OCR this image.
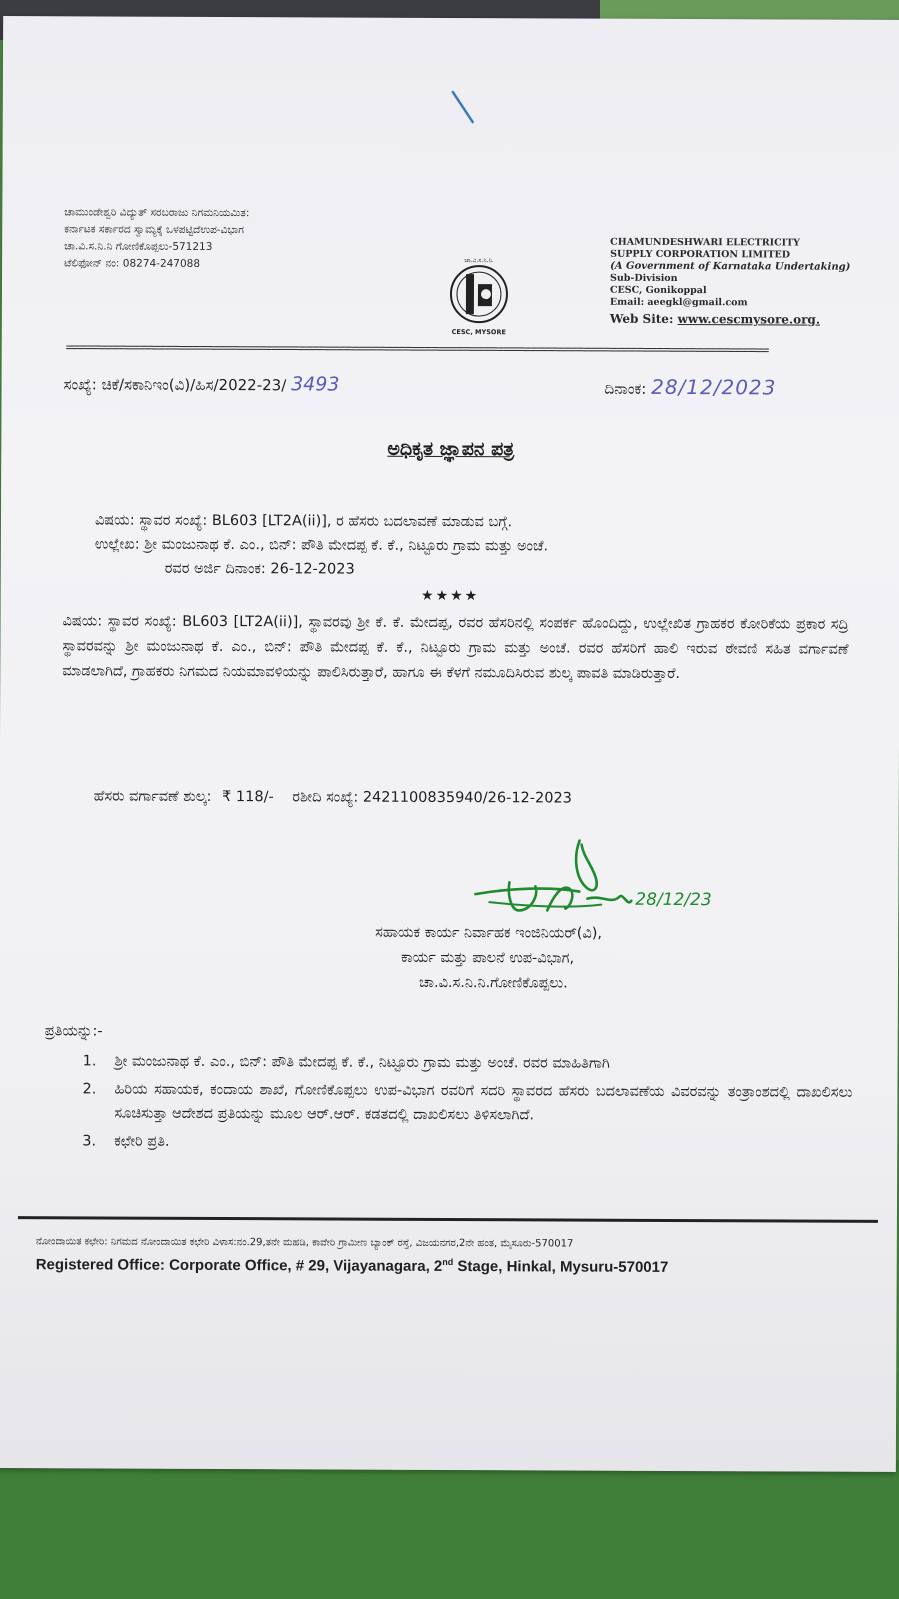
ಚಾಮುಂಡೇಶ್ವರಿ ವಿದ್ಯುತ್ ಸರಬರಾಜು ನಿಗಮನಿಯಮಿತ:
ಕರ್ನಾಟಕ ಸರ್ಕಾರದ ಸ್ವಾಮ್ಯಕ್ಕೆ ಒಳಪಟ್ಟಿದೆಉಪ-ವಿಭಾಗ
ಚಾ.ವಿ.ಸ.ನಿ.ನಿ ಗೋಣಿಕೊಪ್ಪಲು-571213
ಟೆಲಿಫೋನ್ ನಂ: 08274-247088	ಚಾ.ವಿ.ಸ.ನಿ.ನಿ.
CESC, MYSORE
CHAMUNDESHWARI ELECTRICITY
SUPPLY CORPORATION LIMITED
(A Government of Karnataka Undertaking)
Sub-Division
CESC, Gonikoppal
Email: aeegkl@gmail.com
Web Site: www.cescmysore.org.
==========================================================================================================
ಸಂಖ್ಯೆ: ಚಿಕೆ/ಸಕಾನಿಇಂ(ವಿ)/ಹಿಸ/2022-23/ 3493	ದಿನಾಂಕ: 28/12/2023
ಅಧಿಕೃತ ಜ್ಞಾಪನ ಪತ್ರ
ವಿಷಯ: ಸ್ಥಾವರ ಸಂಖ್ಯೆ: BL603 [LT2A(ii)], ರ ಹೆಸರು ಬದಲಾವಣೆ ಮಾಡುವ ಬಗ್ಗೆ.
ಉಲ್ಲೇಖ: ಶ್ರೀ ಮಂಜುನಾಥ ಕೆ. ಎಂ., ಬಿನ್: ಪೌತಿ ಮೇದಪ್ಪ ಕೆ. ಕೆ., ನಿಟ್ಟೂರು ಗ್ರಾಮ ಮತ್ತು ಅಂಚೆ.
ರವರ ಅರ್ಜಿ ದಿನಾಂಕ: 26-12-2023
★★★★
ವಿಷಯ: ಸ್ಥಾವರ ಸಂಖ್ಯೆ: BL603 [LT2A(ii)], ಸ್ಥಾವರವು ಶ್ರೀ ಕೆ. ಕೆ. ಮೇದಪ್ಪ, ರವರ ಹೆಸರಿನಲ್ಲಿ ಸಂಪರ್ಕ ಹೊಂದಿದ್ದು, ಉಲ್ಲೇಖಿತ ಗ್ರಾಹಕರ ಕೋರಿಕೆಯ ಪ್ರಕಾರ ಸದ್ರಿ ಸ್ಥಾವರವನ್ನು ಶ್ರೀ ಮಂಜುನಾಥ ಕೆ. ಎಂ., ಬಿನ್: ಪೌತಿ ಮೇದಪ್ಪ ಕೆ. ಕೆ., ನಿಟ್ಟೂರು ಗ್ರಾಮ ಮತ್ತು ಅಂಚೆ. ರವರ ಹೆಸರಿಗೆ ಹಾಲಿ ಇರುವ ಠೇವಣಿ ಸಹಿತ ವರ್ಗಾವಣೆ ಮಾಡಲಾಗಿದೆ, ಗ್ರಾಹಕರು ನಿಗಮದ ನಿಯಮಾವಳಿಯನ್ನು ಪಾಲಿಸಿರುತ್ತಾರೆ, ಹಾಗೂ ಈ ಕೆಳಗೆ ನಮೂದಿಸಿರುವ ಶುಲ್ಕ ಪಾವತಿ ಮಾಡಿರುತ್ತಾರೆ.
ಹೆಸರು ವರ್ಗಾವಣೆ ಶುಲ್ಕ: ₹ 118/- ರಶೀದಿ ಸಂಖ್ಯೆ: 2421100835940/26-12-2023
28/12/23
ಸಹಾಯಕ ಕಾರ್ಯ ನಿರ್ವಾಹಕ ಇಂಜಿನಿಯರ್(ವಿ),
ಕಾರ್ಯ ಮತ್ತು ಪಾಲನೆ ಉಪ-ವಿಭಾಗ,
ಚಾ.ವಿ.ಸ.ನಿ.ನಿ.ಗೋಣಿಕೊಪ್ಪಲು.
ಪ್ರತಿಯನ್ನು:-
1.	ಶ್ರೀ ಮಂಜುನಾಥ ಕೆ. ಎಂ., ಬಿನ್: ಪೌತಿ ಮೇದಪ್ಪ ಕೆ. ಕೆ., ನಿಟ್ಟೂರು ಗ್ರಾಮ ಮತ್ತು ಅಂಚೆ. ರವರ ಮಾಹಿತಿಗಾಗಿ
2.	ಹಿರಿಯ ಸಹಾಯಕ, ಕಂದಾಯ ಶಾಖೆ, ಗೋಣಿಕೊಪ್ಪಲು ಉಪ-ವಿಭಾಗ ರವರಿಗೆ ಸದರಿ ಸ್ಥಾವರದ ಹೆಸರು ಬದಲಾವಣೆಯ ವಿವರವನ್ನು ತಂತ್ರಾಂಶದಲ್ಲಿ ದಾಖಲಿಸಲು ಸೂಚಿಸುತ್ತಾ ಆದೇಶದ ಪ್ರತಿಯನ್ನು ಮೂಲ ಆರ್.ಆರ್. ಕಡತದಲ್ಲಿ ದಾಖಲಿಸಲು ತಿಳಿಸಲಾಗಿದೆ.
3.	ಕಛೇರಿ ಪ್ರತಿ.
ನೋಂದಾಯಿತ ಕಛೇರಿ: ನಿಗಮದ ನೋಂದಾಯಿತ ಕಛೇರಿ ವಿಳಾಸ:ನಂ.29,ತನೇ ಮಹಡಿ, ಕಾವೇರಿ ಗ್ರಾಮೀಣ ಬ್ಯಾಂಕ್ ರಸ್ತೆ, ವಿಜಯನಗರ,2ನೇ ಹಂತ, ಮೈಸೂರು-570017
Registered Office: Corporate Office, # 29, Vijayanagara, 2nd Stage, Hinkal, Mysuru-570017
